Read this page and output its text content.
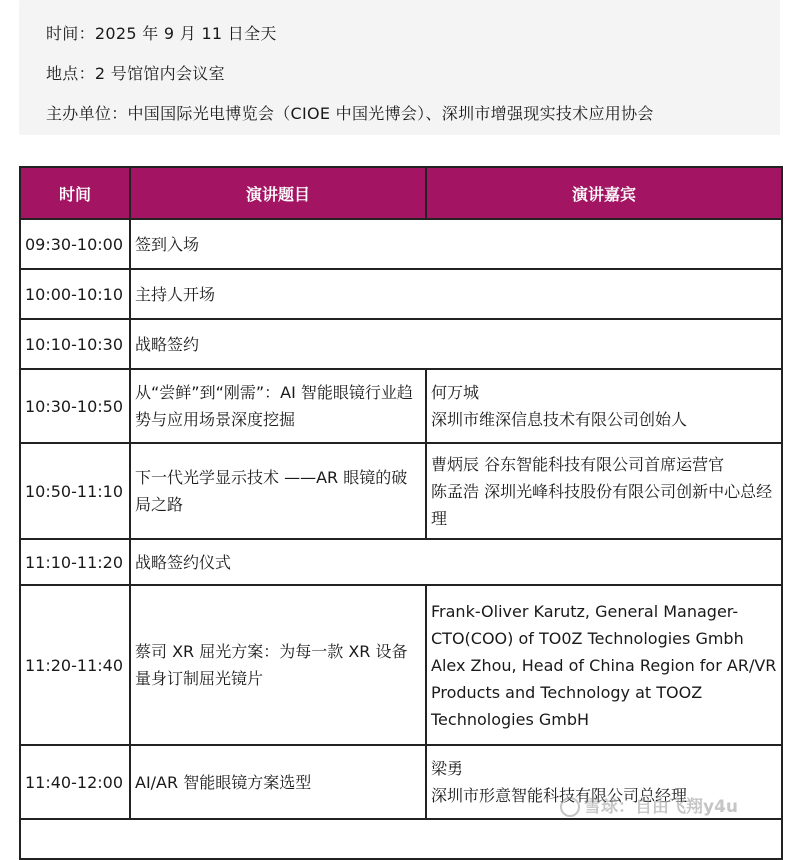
时间：2025 年 9 月 11 日全天
地点：2 号馆馆内会议室
主办单位：中国国际光电博览会（CIOE 中国光博会）、深圳市增强现实技术应用协会
时间	演讲题目	演讲嘉宾
09:30-10:00	签到入场	
10:00-10:10	主持人开场	
10:10-10:30	战略签约	
10:30-10:50	从“尝鲜”到“刚需”：AI 智能眼镜行业趋势与应用场景深度挖掘	何万城
深圳市维深信息技术有限公司创始人

10:50-11:10	下一代光学显示技术 ——AR 眼镜的破局之路	曹炳辰 谷东智能科技有限公司首席运营官
陈孟浩 深圳光峰科技股份有限公司创新中心总经理

11:10-11:20	战略签约仪式	
11:20-11:40	蔡司 XR 屈光方案：为每一款 XR 设备量身订制屈光镜片	Frank-Oliver Karutz, General Manager-CTO(COO) of TO0Z Technologies Gmbh
Alex Zhou, Head of China Region for AR/VR Products and Technology at TOOZ Technologies GmbH

11:40-12:00	AI/AR 智能眼镜方案选型	梁勇
深圳市形意智能科技有限公司总经理

雪球：自由飞翔y4u
